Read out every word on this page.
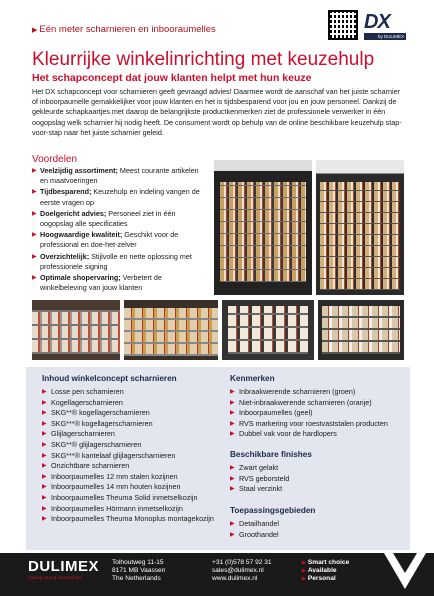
▶ Eén meter scharnieren en inbooraumelles	DX
by DULIMEX
Kleurrijke winkelinrichting met keuzehulp
Het schapconcept dat jouw klanten helpt met hun keuze
Het DX schapconcept voor scharnieren geeft gevraagd advies! Daarmee wordt de aanschaf van het juiste scharnier of inboorpaumelle gemakkelijker voor jouw klanten en het is tijdsbesparend voor jou en jouw personeel. Dankzij de gekleurde schapkaartjes met daarop de belangrijkste productkenmerken ziet de professionele verwerker in één oogopslag welk scharnier hij nodig heeft. De consument wordt op behulp van de online beschikbare keuzehulp stap-voor-stap naar het juiste scharnier geleid.
Voordelen
▶ Veelzijdig assortiment; Meest courante artikelen en maatvoeringen
▶ Tijdbesparend; Keuzehulp en indeling vangen de eerste vragen op
▶ Doelgericht advies; Personeel ziet in één oogopslag alle specificaties
▶ Hoogwaardige kwaliteit; Geschikt voor de professional en doe-het-zelver
▶ Overzichtelijk; Stijlvolle en nette oplossing met professionele signing
▶ Optimale shopervaring; Verbetert de winkelbeleving van jouw klanten
Inhoud winkelconcept scharnieren
▶ Losse pen scharnieren
▶ Kogellagerscharnieren
▶ SKG**® kogellagerscharnieren
▶ SKG***® kogellagerscharnieren
▶ Glijlagerscharnieren
▶ SKG**® glijlagerscharnieren
▶ SKG***® kantelaaf glijlagerscharnieren
▶ Onzichtbare scharnieren
▶ Inboorpaumelles 12 mm stalen kozijnen
▶ Inboorpaumelles 14 mm houten kozijnen
▶ Inboorpaumelles Theuma Solid inmetselkozijn
▶ Inboorpaumelles Hörmann inmetselkozijn
▶ Inboorpaumelles Theuma Monoplus montagekozijn
Kenmerken
▶ Inbraakwerende scharnieren (groen)
▶ Niet-inbraakwerende scharnieren (oranje)
▶ Inboorpaumelles (geel)
▶ RVS markering voor roestvaststalen producten
▶ Dubbel vak voor de hardlopers
Beschikbare finishes
▶ Zwart gelakt
▶ RVS geborsteld
▶ Staal verzinkt
Toepassingsgebieden
▶ Detailhandel
▶ Groothandel
DULIMEX
making strong connections
Tolhoutweg 11-15
8171 MB Vaassen
The Netherlands
+31 (0)578 57 92 31
sales@dulimex.nl
www.dulimex.nl
▶ Smart choice
▶ Available
▶ Personal
